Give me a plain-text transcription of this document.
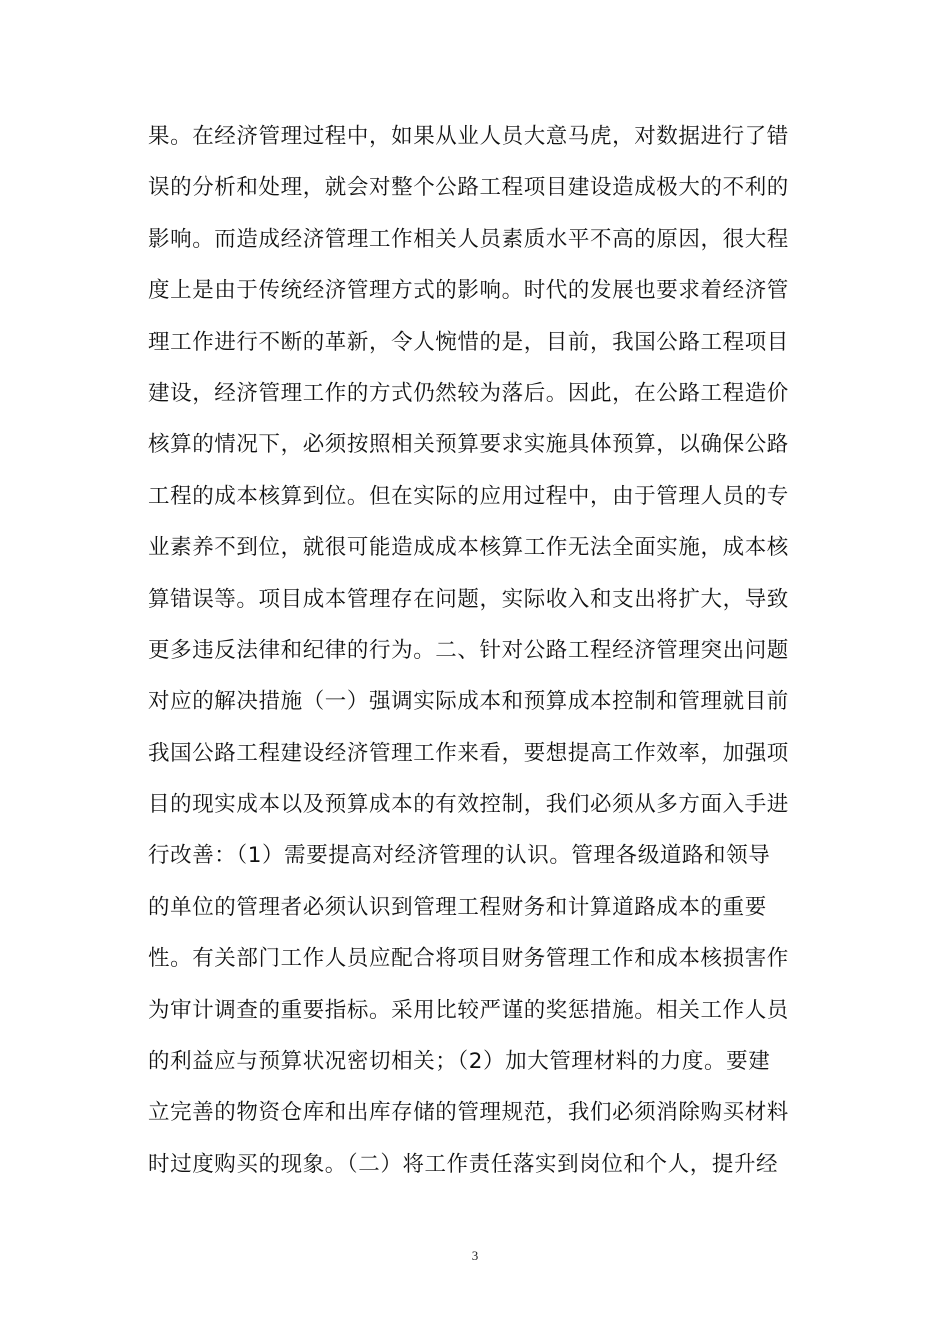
果。在经济管理过程中，如果从业人员大意马虎，对数据进行了错
误的分析和处理，就会对整个公路工程项目建设造成极大的不利的
影响。而造成经济管理工作相关人员素质水平不高的原因，很大程
度上是由于传统经济管理方式的影响。时代的发展也要求着经济管
理工作进行不断的革新，令人惋惜的是，目前，我国公路工程项目
建设，经济管理工作的方式仍然较为落后。因此，在公路工程造价
核算的情况下，必须按照相关预算要求实施具体预算，以确保公路
工程的成本核算到位。但在实际的应用过程中，由于管理人员的专
业素养不到位，就很可能造成成本核算工作无法全面实施，成本核
算错误等。项目成本管理存在问题，实际收入和支出将扩大，导致
更多违反法律和纪律的行为。二、针对公路工程经济管理突出问题
对应的解决措施（一）强调实际成本和预算成本控制和管理就目前
我国公路工程建设经济管理工作来看，要想提高工作效率，加强项
目的现实成本以及预算成本的有效控制，我们必须从多方面入手进
行改善：（1）需要提高对经济管理的认识。管理各级道路和领导
的单位的管理者必须认识到管理工程财务和计算道路成本的重要
性。有关部门工作人员应配合将项目财务管理工作和成本核损害作
为审计调查的重要指标。采用比较严谨的奖惩措施。相关工作人员
的利益应与预算状况密切相关；（2）加大管理材料的力度。要建
立完善的物资仓库和出库存储的管理规范，我们必须消除购买材料
时过度购买的现象。（二）将工作责任落实到岗位和个人，提升经
3
